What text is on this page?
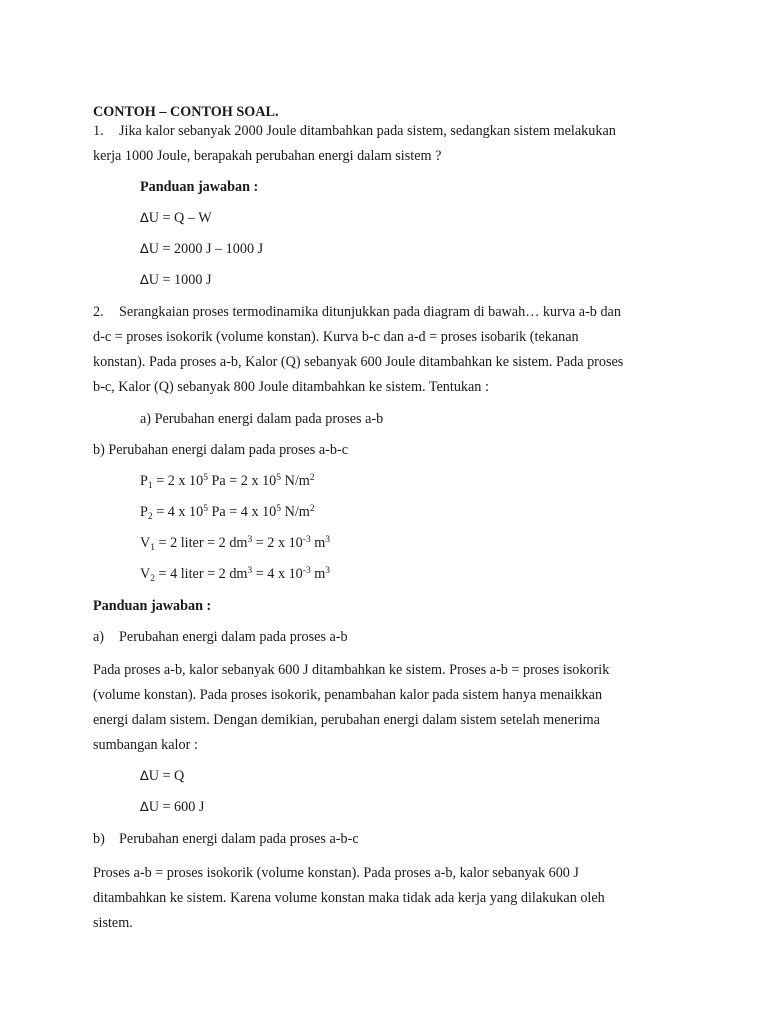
CONTOH – CONTOH SOAL.
1. Jika kalor sebanyak 2000 Joule ditambahkan pada sistem, sedangkan sistem melakukan
kerja 1000 Joule, berapakah perubahan energi dalam sistem ?
Panduan jawaban :
∆U = Q – W
∆U = 2000 J – 1000 J
∆U = 1000 J
2. Serangkaian proses termodinamika ditunjukkan pada diagram di bawah… kurva a-b dan
d-c = proses isokorik (volume konstan). Kurva b-c dan a-d = proses isobarik (tekanan
konstan). Pada proses a-b, Kalor (Q) sebanyak 600 Joule ditambahkan ke sistem. Pada proses
b-c, Kalor (Q) sebanyak 800 Joule ditambahkan ke sistem. Tentukan :
a) Perubahan energi dalam pada proses a-b
b) Perubahan energi dalam pada proses a-b-c
$P_1 = 2$ x $10^5$ Pa = 2 x $10^5$ $N/m^2$
$P_2 = 4$ x $10^5$ Pa = 4 x $10^5$ $N/m^2$
$V_1 = 2$ liter = 2 $dm^3 = 2$ x $10^{-3}$ $m^3$
$V_2 = 4$ liter = 2 $dm^3 = 4$ x $10^{-3}$ $m^3$
Panduan jawaban :
a) Perubahan energi dalam pada proses a-b
Pada proses a-b, kalor sebanyak 600 J ditambahkan ke sistem. Proses a-b = proses isokorik
(volume konstan). Pada proses isokorik, penambahan kalor pada sistem hanya menaikkan
energi dalam sistem. Dengan demikian, perubahan energi dalam sistem setelah menerima
sumbangan kalor :
∆U = Q
∆U = 600 J
b) Perubahan energi dalam pada proses a-b-c
Proses a-b = proses isokorik (volume konstan). Pada proses a-b, kalor sebanyak 600 J
ditambahkan ke sistem. Karena volume konstan maka tidak ada kerja yang dilakukan oleh
sistem.
